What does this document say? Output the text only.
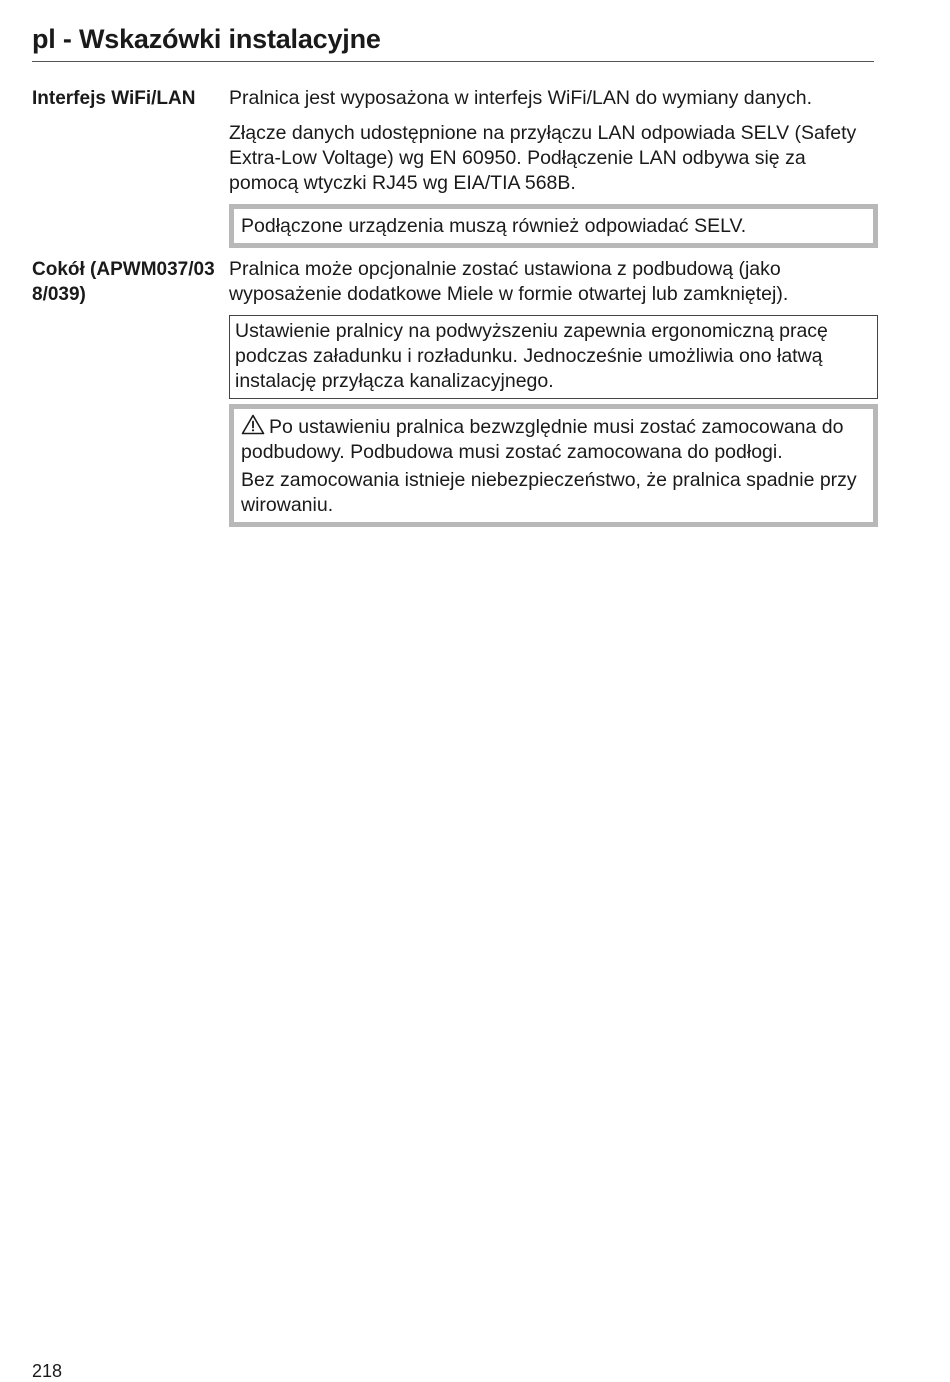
pl - Wskazówki instalacyjne
Interfejs WiFi/LAN	Pralnica jest wyposażona w interfejs WiFi/LAN do wymiany danych.

Złącze danych udostępnione na przyłączu LAN odpowiada SELV (Safety Extra-Low Voltage) wg EN 60950. Podłączenie LAN odbywa się za pomocą wtyczki RJ45 wg EIA/TIA 568B.

Podłączone urządzenia muszą również odpowiadać SELV.
Cokół (APWM037/038/039)

Pralnica może opcjonalnie zostać ustawiona z podbudową (jako wyposażenie dodatkowe Miele w formie otwartej lub zamkniętej).

Ustawienie pralnicy na podwyższeniu zapewnia ergonomiczną pracę podczas załadunku i rozładunku. Jednocześnie umożliwia ono łatwą instalację przyłącza kanalizacyjnego.

Po ustawieniu pralnica bezwzględnie musi zostać zamocowana do podbudowy. Podbudowa musi zostać zamocowana do podłogi.

Bez zamocowania istnieje niebezpieczeństwo, że pralnica spadnie przy wirowaniu.

218
